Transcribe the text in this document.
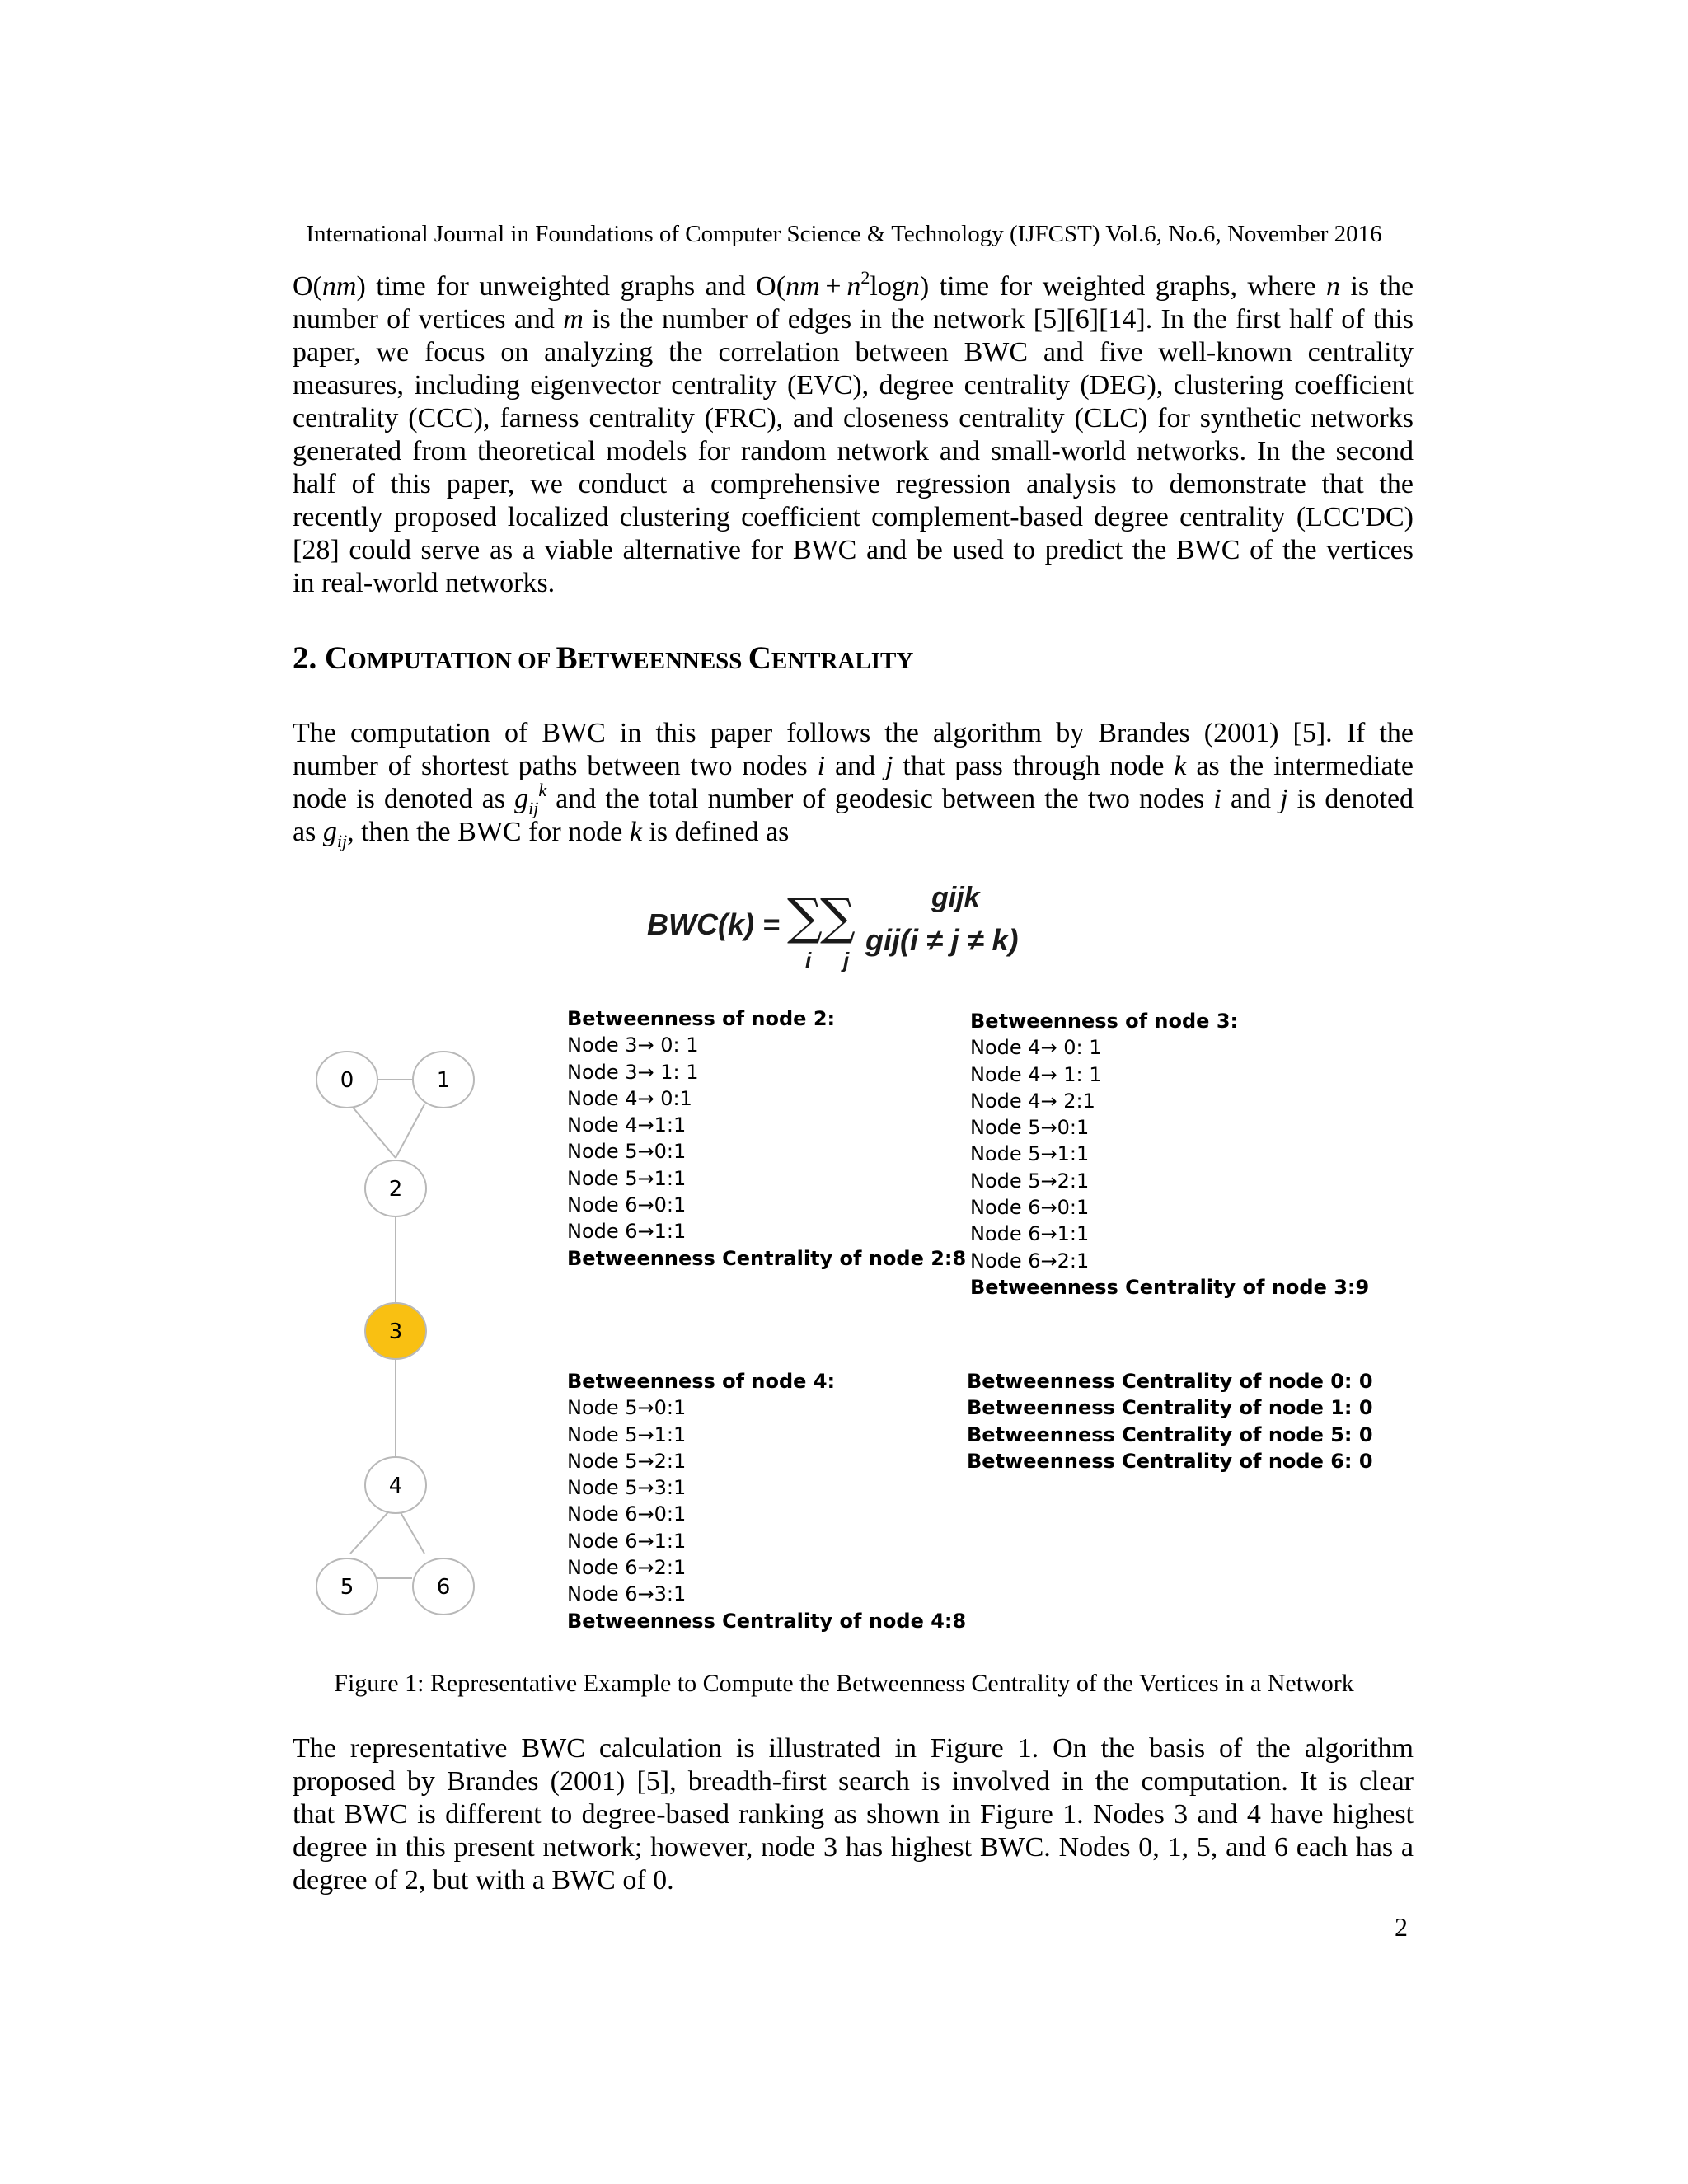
International Journal in Foundations of Computer Science & Technology (IJFCST) Vol.6, No.6, November 2016
O(nm) time for unweighted graphs and $O(nm + n^2\log n)$ time for weighted graphs, where n is the
number of vertices and m is the number of edges in the network [5][6][14]. In the first half of this
paper, we focus on analyzing the correlation between BWC and five well-known centrality
measures, including eigenvector centrality (EVC), degree centrality (DEG), clustering coefficient
centrality (CCC), farness centrality (FRC), and closeness centrality (CLC) for synthetic networks
generated from theoretical models for random network and small-world networks. In the second
half of this paper, we conduct a comprehensive regression analysis to demonstrate that the
recently proposed localized clustering coefficient complement-based degree centrality (LCC'DC)
[28] could serve as a viable alternative for BWC and be used to predict the BWC of the vertices
in real-world networks.
2. COMPUTATION OF BETWEENNESS CENTRALITY
The computation of BWC in this paper follows the algorithm by Brandes (2001) [5]. If the
number of shortest paths between two nodes i and j that pass through node k as the intermediate
node is denoted as $g_{ij}^k$ and the total number of geodesic between the two nodes i and j is denoted
as $g_{ij}$, then the BWC for node k is defined as
BWC(k) = ∑
∑
i j
gijk
gij(i ≠ j ≠ k)
0	1
2
3
4
5	6
Betweenness of node 2:
Node 3→ 0: 1
Node 3→ 1: 1
Node 4→ 0:1
Node 4→1:1
Node 5→0:1
Node 5→1:1
Node 6→0:1
Node 6→1:1
Betweenness Centrality of node 2:8
Betweenness of node 3:
Node 4→ 0: 1
Node 4→ 1: 1
Node 4→ 2:1
Node 5→0:1
Node 5→1:1
Node 5→2:1
Node 6→0:1
Node 6→1:1
Node 6→2:1
Betweenness Centrality of node 3:9
Betweenness of node 4:
Node 5→0:1
Node 5→1:1
Node 5→2:1
Node 5→3:1
Node 6→0:1
Node 6→1:1
Node 6→2:1
Node 6→3:1
Betweenness Centrality of node 4:8
Betweenness Centrality of node 0: 0
Betweenness Centrality of node 1: 0
Betweenness Centrality of node 5: 0
Betweenness Centrality of node 6: 0
Figure 1: Representative Example to Compute the Betweenness Centrality of the Vertices in a Network
The representative BWC calculation is illustrated in Figure 1. On the basis of the algorithm
proposed by Brandes (2001) [5], breadth-first search is involved in the computation. It is clear
that BWC is different to degree-based ranking as shown in Figure 1. Nodes 3 and 4 have highest
degree in this present network; however, node 3 has highest BWC. Nodes 0, 1, 5, and 6 each has a
degree of 2, but with a BWC of 0.
2
